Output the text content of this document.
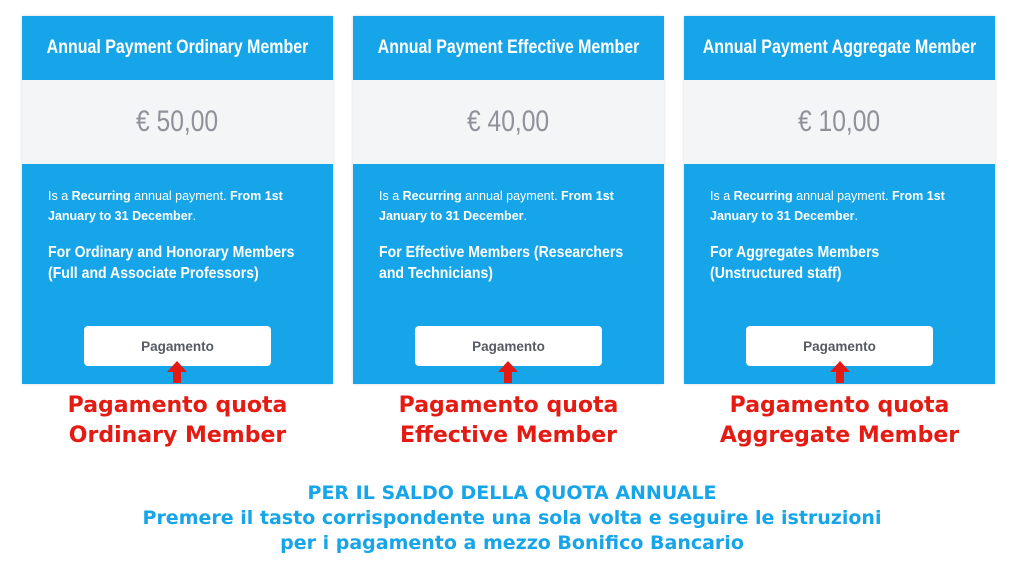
Annual Payment Ordinary Member
€ 50,00
Is a Recurring annual payment. From 1st January to 31 December.
For Ordinary and Honorary Members (Full and Associate Professors)
Pagamento
Pagamento quota
Ordinary Member
Annual Payment Effective Member
€ 40,00
Is a Recurring annual payment. From 1st January to 31 December.
For Effective Members (Researchers and Technicians)
Pagamento
Pagamento quota
Effective Member
Annual Payment Aggregate Member
€ 10,00
Is a Recurring annual payment. From 1st January to 31 December.
For Aggregates Members (Unstructured staff)
Pagamento
Pagamento quota
Aggregate Member
PER IL SALDO DELLA QUOTA ANNUALE
Premere il tasto corrispondente una sola volta e seguire le istruzioni
per i pagamento a mezzo Bonifico Bancario
